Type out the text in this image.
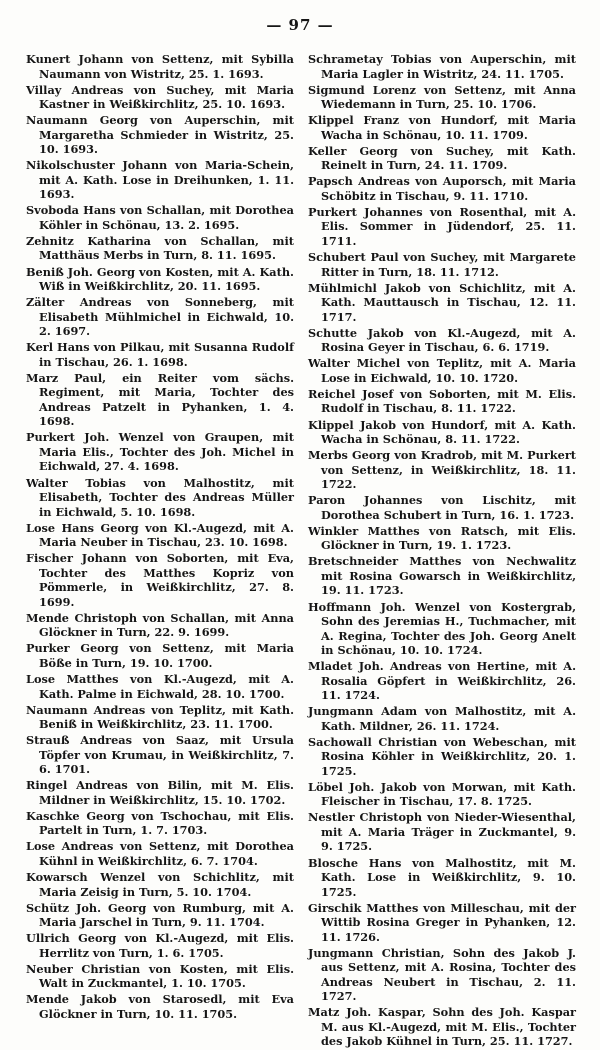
— 97 —

Kunert Johann von Settenz, mit Sybilla Naumann von Wistritz, 25. 1. 1693.

Villay Andreas von Suchey, mit Maria Kastner in Weißkirchlitz, 25. 10. 1693.

Naumann Georg von Auperschin, mit Margaretha Schmieder in Wistritz, 25. 10. 1693.

Nikolschuster Johann von Maria-Schein, mit A. Kath. Lose in Dreihunken, 1. 11. 1693.

Svoboda Hans von Schallan, mit Dorothea Köhler in Schönau, 13. 2. 1695.

Zehnitz Katharina von Schallan, mit Matthäus Merbs in Turn, 8. 11. 1695.

Beniß Joh. Georg von Kosten, mit A. Kath. Wiß in Weißkirchlitz, 20. 11. 1695.

Zälter Andreas von Sonneberg, mit Elisabeth Mühlmichel in Eichwald, 10. 2. 1697.

Kerl Hans von Pilkau, mit Susanna Rudolf in Tischau, 26. 1. 1698.

Marz Paul, ein Reiter vom sächs. Regiment, mit Maria, Tochter des Andreas Patzelt in Pyhanken, 1. 4. 1698.

Purkert Joh. Wenzel von Graupen, mit Maria Elis., Tochter des Joh. Michel in Eichwald, 27. 4. 1698.

Walter Tobias von Malhostitz, mit Elisabeth, Tochter des Andreas Müller in Eichwald, 5. 10. 1698.

Lose Hans Georg von Kl.-Augezd, mit A. Maria Neuber in Tischau, 23. 10. 1698.

Fischer Johann von Soborten, mit Eva, Tochter des Matthes Kopriz von Pömmerle, in Weißkirchlitz, 27. 8. 1699.

Mende Christoph von Schallan, mit Anna Glöckner in Turn, 22. 9. 1699.

Purker Georg von Settenz, mit Maria Böße in Turn, 19. 10. 1700.

Lose Matthes von Kl.-Augezd, mit A. Kath. Palme in Eichwald, 28. 10. 1700.

Naumann Andreas von Teplitz, mit Kath. Beniß in Weißkirchlitz, 23. 11. 1700.

Strauß Andreas von Saaz, mit Ursula Töpfer von Krumau, in Weißkirchlitz, 7. 6. 1701.

Ringel Andreas von Bilin, mit M. Elis. Mildner in Weißkirchlitz, 15. 10. 1702.

Kaschke Georg von Tschochau, mit Elis. Partelt in Turn, 1. 7. 1703.

Lose Andreas von Settenz, mit Dorothea Kühnl in Weißkirchlitz, 6. 7. 1704.

Kowarsch Wenzel von Schichlitz, mit Maria Zeisig in Turn, 5. 10. 1704.

Schütz Joh. Georg von Rumburg, mit A. Maria Jarschel in Turn, 9. 11. 1704.

Ullrich Georg von Kl.-Augezd, mit Elis. Herrlitz von Turn, 1. 6. 1705.

Neuber Christian von Kosten, mit Elis. Walt in Zuckmantel, 1. 10. 1705.

Mende Jakob von Starosedl, mit Eva Glöckner in Turn, 10. 11. 1705.

Schrametay Tobias von Auperschin, mit Maria Lagler in Wistritz, 24. 11. 1705.

Sigmund Lorenz von Settenz, mit Anna Wiedemann in Turn, 25. 10. 1706.

Klippel Franz von Hundorf, mit Maria Wacha in Schönau, 10. 11. 1709.

Keller Georg von Suchey, mit Kath. Reinelt in Turn, 24. 11. 1709.

Papsch Andreas von Auporsch, mit Maria Schöbitz in Tischau, 9. 11. 1710.

Purkert Johannes von Rosenthal, mit A. Elis. Sommer in Jüdendorf, 25. 11. 1711.

Schubert Paul von Suchey, mit Margarete Ritter in Turn, 18. 11. 1712.

Mühlmichl Jakob von Schichlitz, mit A. Kath. Mauttausch in Tischau, 12. 11. 1717.

Schutte Jakob von Kl.-Augezd, mit A. Rosina Geyer in Tischau, 6. 6. 1719.

Walter Michel von Teplitz, mit A. Maria Lose in Eichwald, 10. 10. 1720.

Reichel Josef von Soborten, mit M. Elis. Rudolf in Tischau, 8. 11. 1722.

Klippel Jakob von Hundorf, mit A. Kath. Wacha in Schönau, 8. 11. 1722.

Merbs Georg von Kradrob, mit M. Purkert von Settenz, in Weißkirchlitz, 18. 11. 1722.

Paron Johannes von Lischitz, mit Dorothea Schubert in Turn, 16. 1. 1723.

Winkler Matthes von Ratsch, mit Elis. Glöckner in Turn, 19. 1. 1723.

Bretschneider Matthes von Nechwalitz mit Rosina Gowarsch in Weißkirchlitz, 19. 11. 1723.

Hoffmann Joh. Wenzel von Kostergrab, Sohn des Jeremias H., Tuchmacher, mit A. Regina, Tochter des Joh. Georg Anelt in Schönau, 10. 10. 1724.

Mladet Joh. Andreas von Hertine, mit A. Rosalia Göpfert in Weißkirchlitz, 26. 11. 1724.

Jungmann Adam von Malhostitz, mit A. Kath. Mildner, 26. 11. 1724.

Sachowall Christian von Webeschan, mit Rosina Köhler in Weißkirchlitz, 20. 1. 1725.

Löbel Joh. Jakob von Morwan, mit Kath. Fleischer in Tischau, 17. 8. 1725.

Nestler Christoph von Nieder-Wiesenthal, mit A. Maria Träger in Zuckmantel, 9. 9. 1725.

Blosche Hans von Malhostitz, mit M. Kath. Lose in Weißkirchlitz, 9. 10. 1725.

Girschik Matthes von Milleschau, mit der Wittib Rosina Greger in Pyhanken, 12. 11. 1726.

Jungmann Christian, Sohn des Jakob J. aus Settenz, mit A. Rosina, Tochter des Andreas Neubert in Tischau, 2. 11. 1727.

Matz Joh. Kaspar, Sohn des Joh. Kaspar M. aus Kl.-Augezd, mit M. Elis., Tochter des Jakob Kühnel in Turn, 25. 11. 1727.
